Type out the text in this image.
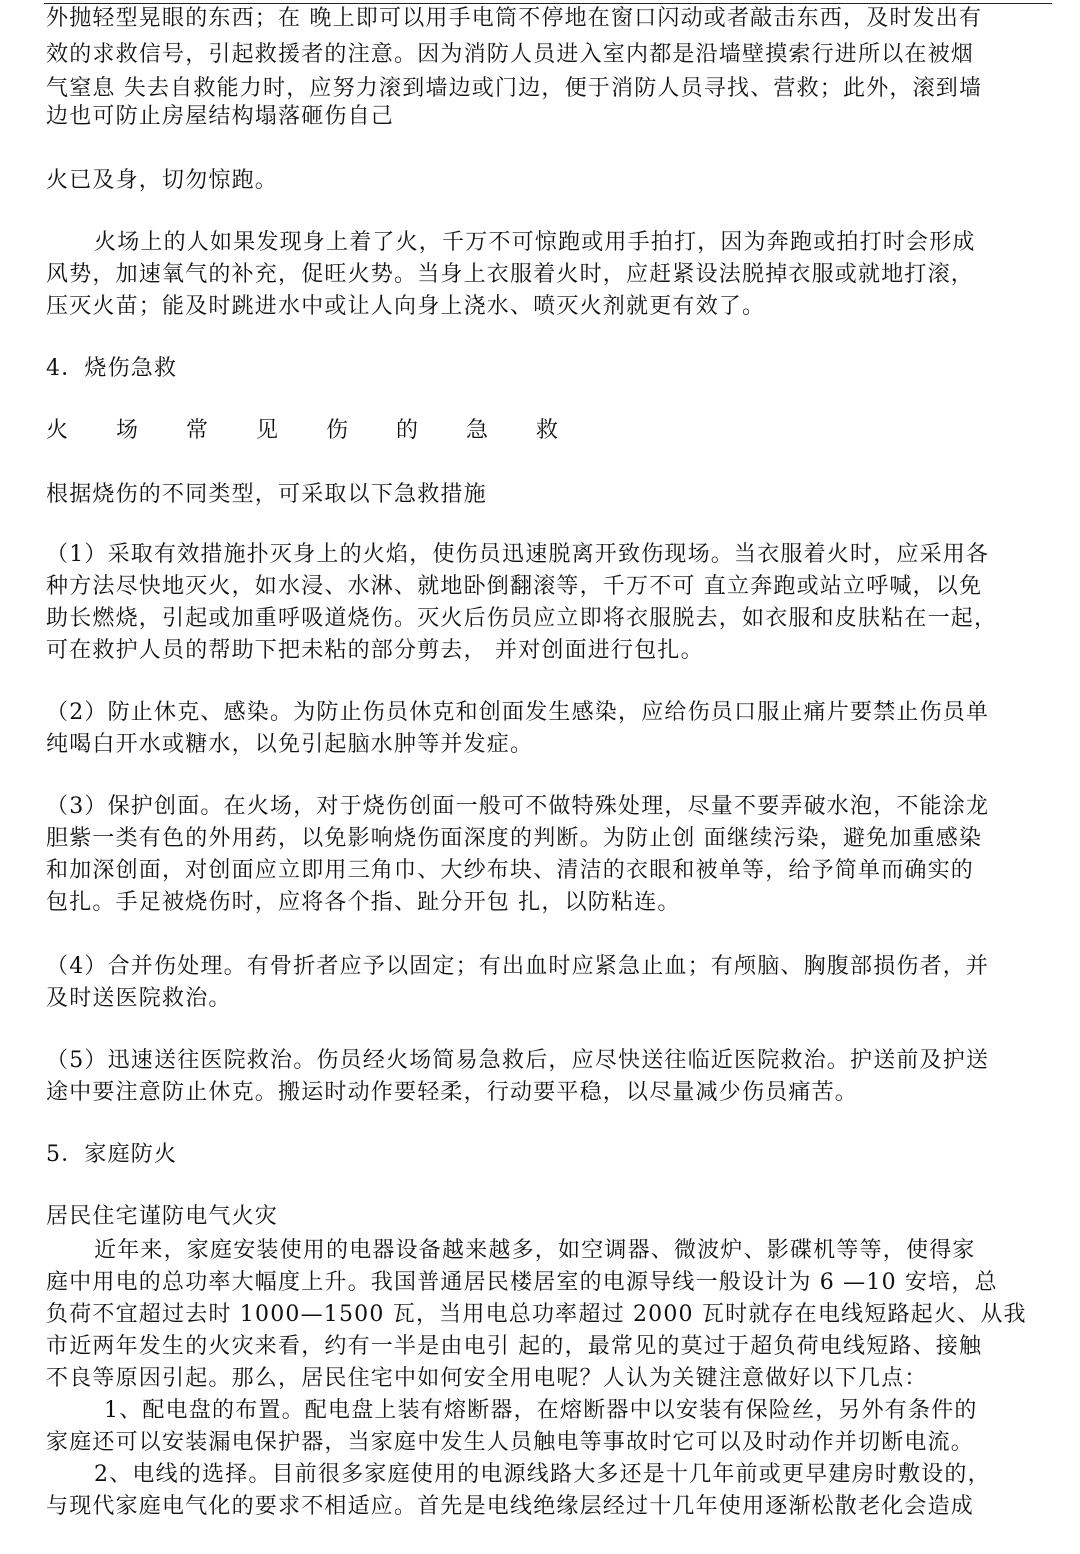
外抛轻型晃眼的东西；在 晚上即可以用手电筒不停地在窗口闪动或者敲击东西，及时发出有
效的求救信号，引起救援者的注意。因为消防人员进入室内都是沿墙壁摸索行进所以在被烟
气窒息 失去自救能力时，应努力滚到墙边或门边，便于消防人员寻找、营救；此外，滚到墙
边也可防止房屋结构塌落砸伤自己
火已及身，切勿惊跑。
火场上的人如果发现身上着了火，千万不可惊跑或用手拍打，因为奔跑或拍打时会形成
风势，加速氧气的补充，促旺火势。当身上衣服着火时，应赶紧设法脱掉衣服或就地打滚，
压灭火苗；能及时跳进水中或让人向身上浇水、喷灭火剂就更有效了。
4．烧伤急救
火场常见伤的急救
根据烧伤的不同类型，可采取以下急救措施
（1）采取有效措施扑灭身上的火焰，使伤员迅速脱离开致伤现场。当衣服着火时，应采用各
种方法尽快地灭火，如水浸、水淋、就地卧倒翻滚等，千万不可 直立奔跑或站立呼喊，以免
助长燃烧，引起或加重呼吸道烧伤。灭火后伤员应立即将衣服脱去，如衣服和皮肤粘在一起，
可在救护人员的帮助下把未粘的部分剪去， 并对创面进行包扎。
（2）防止休克、感染。为防止伤员休克和创面发生感染，应给伤员口服止痛片要禁止伤员单
纯喝白开水或糖水，以免引起脑水肿等并发症。
（3）保护创面。在火场，对于烧伤创面一般可不做特殊处理，尽量不要弄破水泡，不能涂龙
胆紫一类有色的外用药，以免影响烧伤面深度的判断。为防止创 面继续污染，避免加重感染
和加深创面，对创面应立即用三角巾、大纱布块、清洁的衣眼和被单等，给予简单而确实的
包扎。手足被烧伤时，应将各个指、趾分开包 扎，以防粘连。
（4）合并伤处理。有骨折者应予以固定；有出血时应紧急止血；有颅脑、胸腹部损伤者，并
及时送医院救治。
（5）迅速送往医院救治。伤员经火场简易急救后，应尽快送往临近医院救治。护送前及护送
途中要注意防止休克。搬运时动作要轻柔，行动要平稳，以尽量减少伤员痛苦。
5．家庭防火
居民住宅谨防电气火灾
近年来，家庭安装使用的电器设备越来越多，如空调器、微波炉、影碟机等等，使得家
庭中用电的总功率大幅度上升。我国普通居民楼居室的电源导线一般设计为 6 —10 安培，总
负荷不宜超过去时 1000—1500 瓦，当用电总功率超过 2000 瓦时就存在电线短路起火、从我
市近两年发生的火灾来看，约有一半是由电引 起的，最常见的莫过于超负荷电线短路、接触
不良等原因引起。那么，居民住宅中如何安全用电呢？人认为关键注意做好以下几点：
1、配电盘的布置。配电盘上装有熔断器，在熔断器中以安装有保险丝，另外有条件的
家庭还可以安装漏电保护器，当家庭中发生人员触电等事故时它可以及时动作并切断电流。
2、电线的选择。目前很多家庭使用的电源线路大多还是十几年前或更早建房时敷设的，
与现代家庭电气化的要求不相适应。首先是电线绝缘层经过十几年使用逐渐松散老化会造成
